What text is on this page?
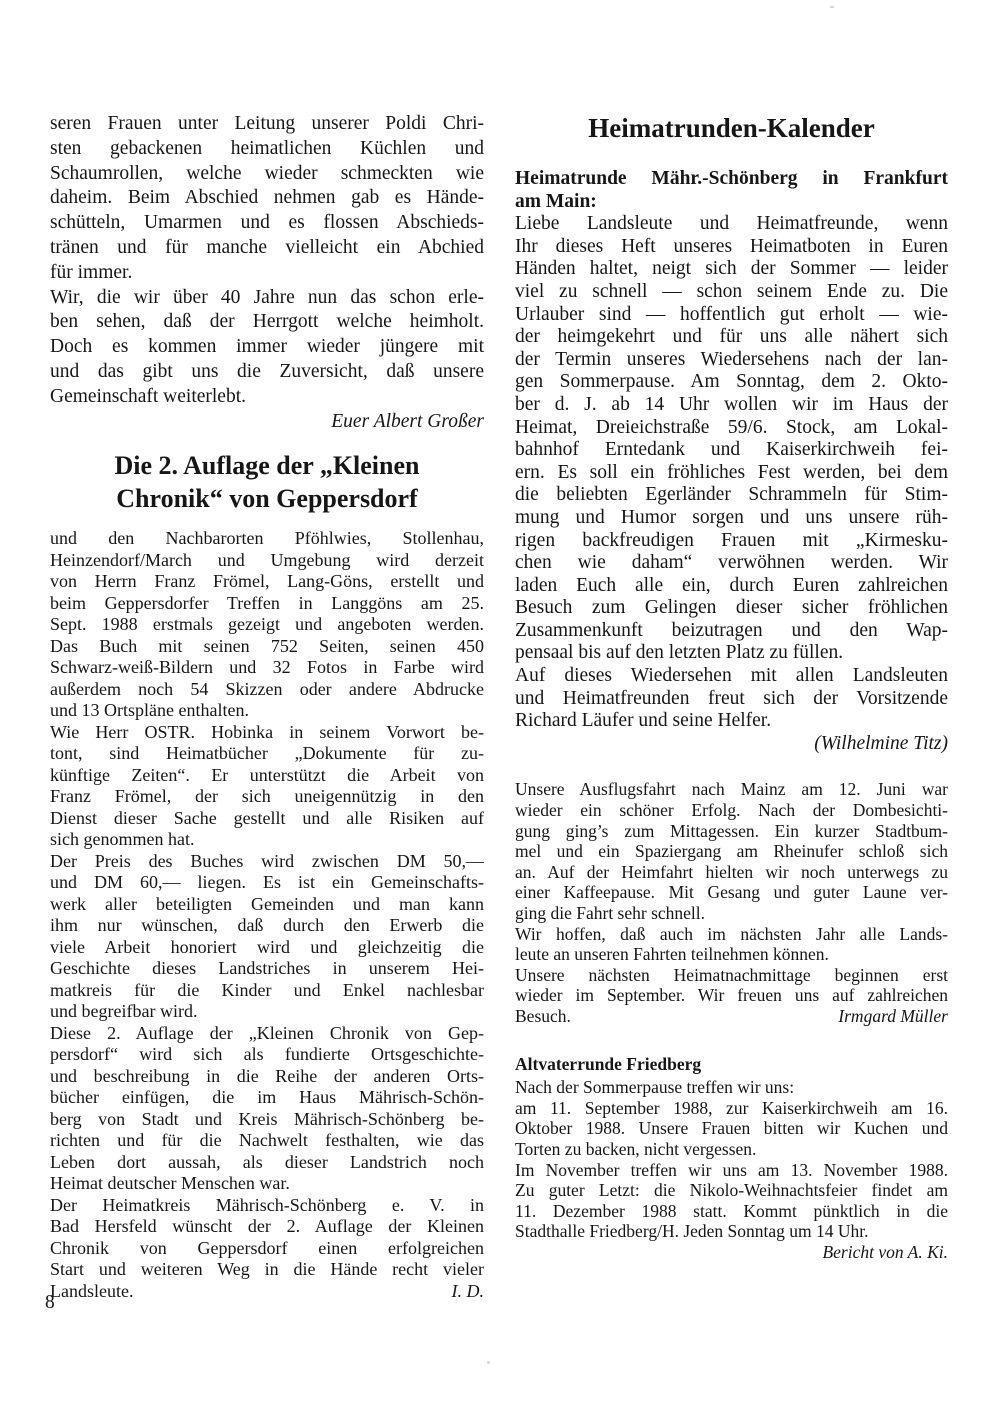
seren Frauen unter Leitung unserer Poldi Chri-
sten gebackenen heimatlichen Küchlen und
Schaumrollen, welche wieder schmeckten wie
daheim. Beim Abschied nehmen gab es Hände-
schütteln, Umarmen und es flossen Abschieds-
tränen und für manche vielleicht ein Abchied
für immer.
Wir, die wir über 40 Jahre nun das schon erle-
ben sehen, daß der Herrgott welche heimholt.
Doch es kommen immer wieder jüngere mit
und das gibt uns die Zuversicht, daß unsere
Gemeinschaft weiterlebt.
Euer Albert Großer
Die 2. Auflage der „Kleinen
Chronik“ von Geppersdorf
und den Nachbarorten Pföhlwies, Stollenhau,
Heinzendorf/March und Umgebung wird derzeit
von Herrn Franz Frömel, Lang-Göns, erstellt und
beim Geppersdorfer Treffen in Langgöns am 25.
Sept. 1988 erstmals gezeigt und angeboten werden.
Das Buch mit seinen 752 Seiten, seinen 450
Schwarz-weiß-Bildern und 32 Fotos in Farbe wird
außerdem noch 54 Skizzen oder andere Abdrucke
und 13 Ortspläne enthalten.
Wie Herr OSTR. Hobinka in seinem Vorwort be-
tont, sind Heimatbücher „Dokumente für zu-
künftige Zeiten“. Er unterstützt die Arbeit von
Franz Frömel, der sich uneigennützig in den
Dienst dieser Sache gestellt und alle Risiken auf
sich genommen hat.
Der Preis des Buches wird zwischen DM 50,—
und DM 60,— liegen. Es ist ein Gemeinschafts-
werk aller beteiligten Gemeinden und man kann
ihm nur wünschen, daß durch den Erwerb die
viele Arbeit honoriert wird und gleichzeitig die
Geschichte dieses Landstriches in unserem Hei-
matkreis für die Kinder und Enkel nachlesbar
und begreifbar wird.
Diese 2. Auflage der „Kleinen Chronik von Gep-
persdorf“ wird sich als fundierte Ortsgeschichte-
und beschreibung in die Reihe der anderen Orts-
bücher einfügen, die im Haus Mährisch-Schön-
berg von Stadt und Kreis Mährisch-Schönberg be-
richten und für die Nachwelt festhalten, wie das
Leben dort aussah, als dieser Landstrich noch
Heimat deutscher Menschen war.
Der Heimatkreis Mährisch-Schönberg e. V. in
Bad Hersfeld wünscht der 2. Auflage der Kleinen
Chronik von Geppersdorf einen erfolgreichen
Start und weiteren Weg in die Hände recht vieler
Landsleute.	I. D.
Heimatrunden-Kalender
Heimatrunde Mähr.-Schönberg in Frankfurt
am Main:
Liebe Landsleute und Heimatfreunde, wenn
Ihr dieses Heft unseres Heimatboten in Euren
Händen haltet, neigt sich der Sommer — leider
viel zu schnell — schon seinem Ende zu. Die
Urlauber sind — hoffentlich gut erholt — wie-
der heimgekehrt und für uns alle nähert sich
der Termin unseres Wiedersehens nach der lan-
gen Sommerpause. Am Sonntag, dem 2. Okto-
ber d. J. ab 14 Uhr wollen wir im Haus der
Heimat, Dreieichstraße 59/6. Stock, am Lokal-
bahnhof Erntedank und Kaiserkirchweih fei-
ern. Es soll ein fröhliches Fest werden, bei dem
die beliebten Egerländer Schrammeln für Stim-
mung und Humor sorgen und uns unsere rüh-
rigen backfreudigen Frauen mit „Kirmesku-
chen wie daham“ verwöhnen werden. Wir
laden Euch alle ein, durch Euren zahlreichen
Besuch zum Gelingen dieser sicher fröhlichen
Zusammenkunft beizutragen und den Wap-
pensaal bis auf den letzten Platz zu füllen.
Auf dieses Wiedersehen mit allen Landsleuten
und Heimatfreunden freut sich der Vorsitzende
Richard Läufer und seine Helfer.
(Wilhelmine Titz)
Unsere Ausflugsfahrt nach Mainz am 12. Juni war
wieder ein schöner Erfolg. Nach der Dombesichti-
gung ging’s zum Mittagessen. Ein kurzer Stadtbum-
mel und ein Spaziergang am Rheinufer schloß sich
an. Auf der Heimfahrt hielten wir noch unterwegs zu
einer Kaffeepause. Mit Gesang und guter Laune ver-
ging die Fahrt sehr schnell.
Wir hoffen, daß auch im nächsten Jahr alle Lands-
leute an unseren Fahrten teilnehmen können.
Unsere nächsten Heimatnachmittage beginnen erst
wieder im September. Wir freuen uns auf zahlreichen
Besuch.	Irmgard Müller
Altvaterrunde Friedberg
Nach der Sommerpause treffen wir uns:
am 11. September 1988, zur Kaiserkirchweih am 16.
Oktober 1988. Unsere Frauen bitten wir Kuchen und
Torten zu backen, nicht vergessen.
Im November treffen wir uns am 13. November 1988.
Zu guter Letzt: die Nikolo-Weihnachtsfeier findet am
11. Dezember 1988 statt. Kommt pünktlich in die
Stadthalle Friedberg/H. Jeden Sonntag um 14 Uhr.
Bericht von A. Ki.
8
